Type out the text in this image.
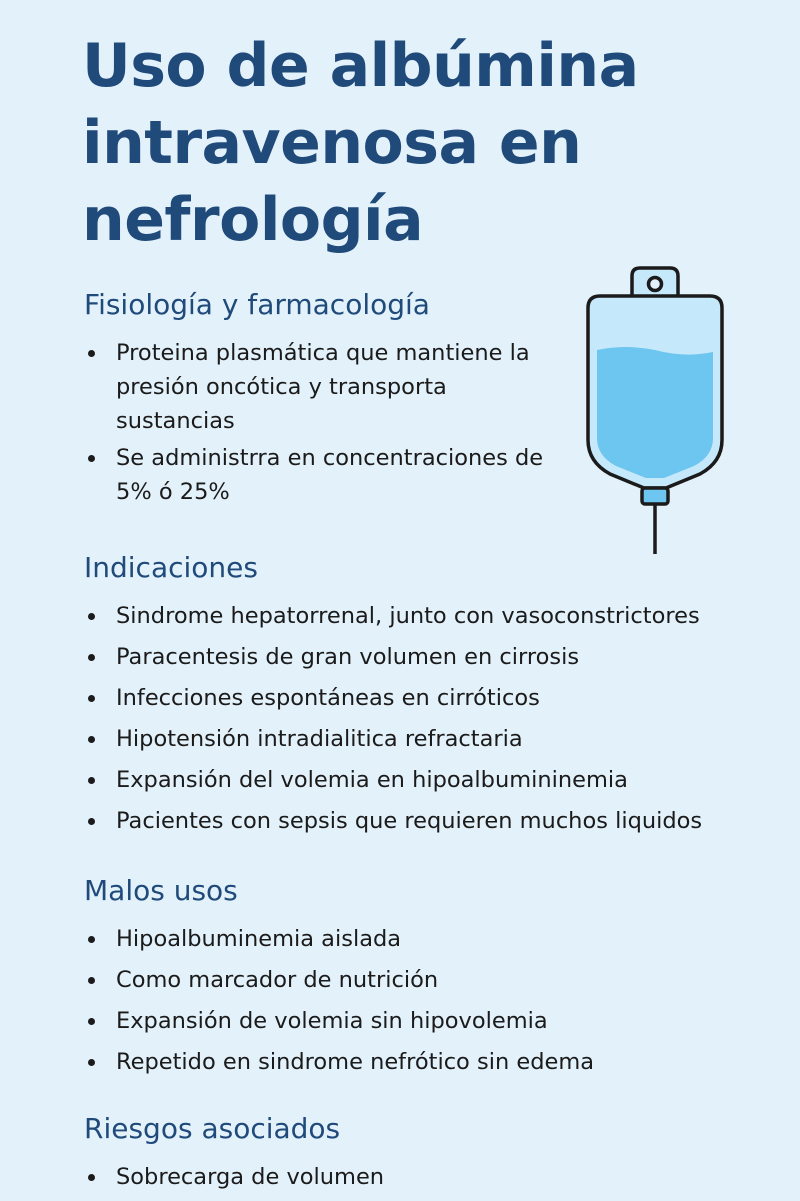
Uso de albúmina intravenosa en nefrología
Fisiología y farmacología
Proteina plasmática que mantiene la presión oncótica y transporta sustancias
Se administrra en concentraciones de 5% ó 25%
Indicaciones
Sindrome hepatorrenal, junto con vasoconstrictores
Paracentesis de gran volumen en cirrosis
Infecciones espontáneas en cirróticos
Hipotensión intradialitica refractaria
Expansión del volemia en hipoalbumininemia
Pacientes con sepsis que requieren muchos liquidos
Malos usos
Hipoalbuminemia aislada
Como marcador de nutrición
Expansión de volemia sin hipovolemia
Repetido en sindrome nefrótico sin edema
Riesgos asociados
Sobrecarga de volumen
